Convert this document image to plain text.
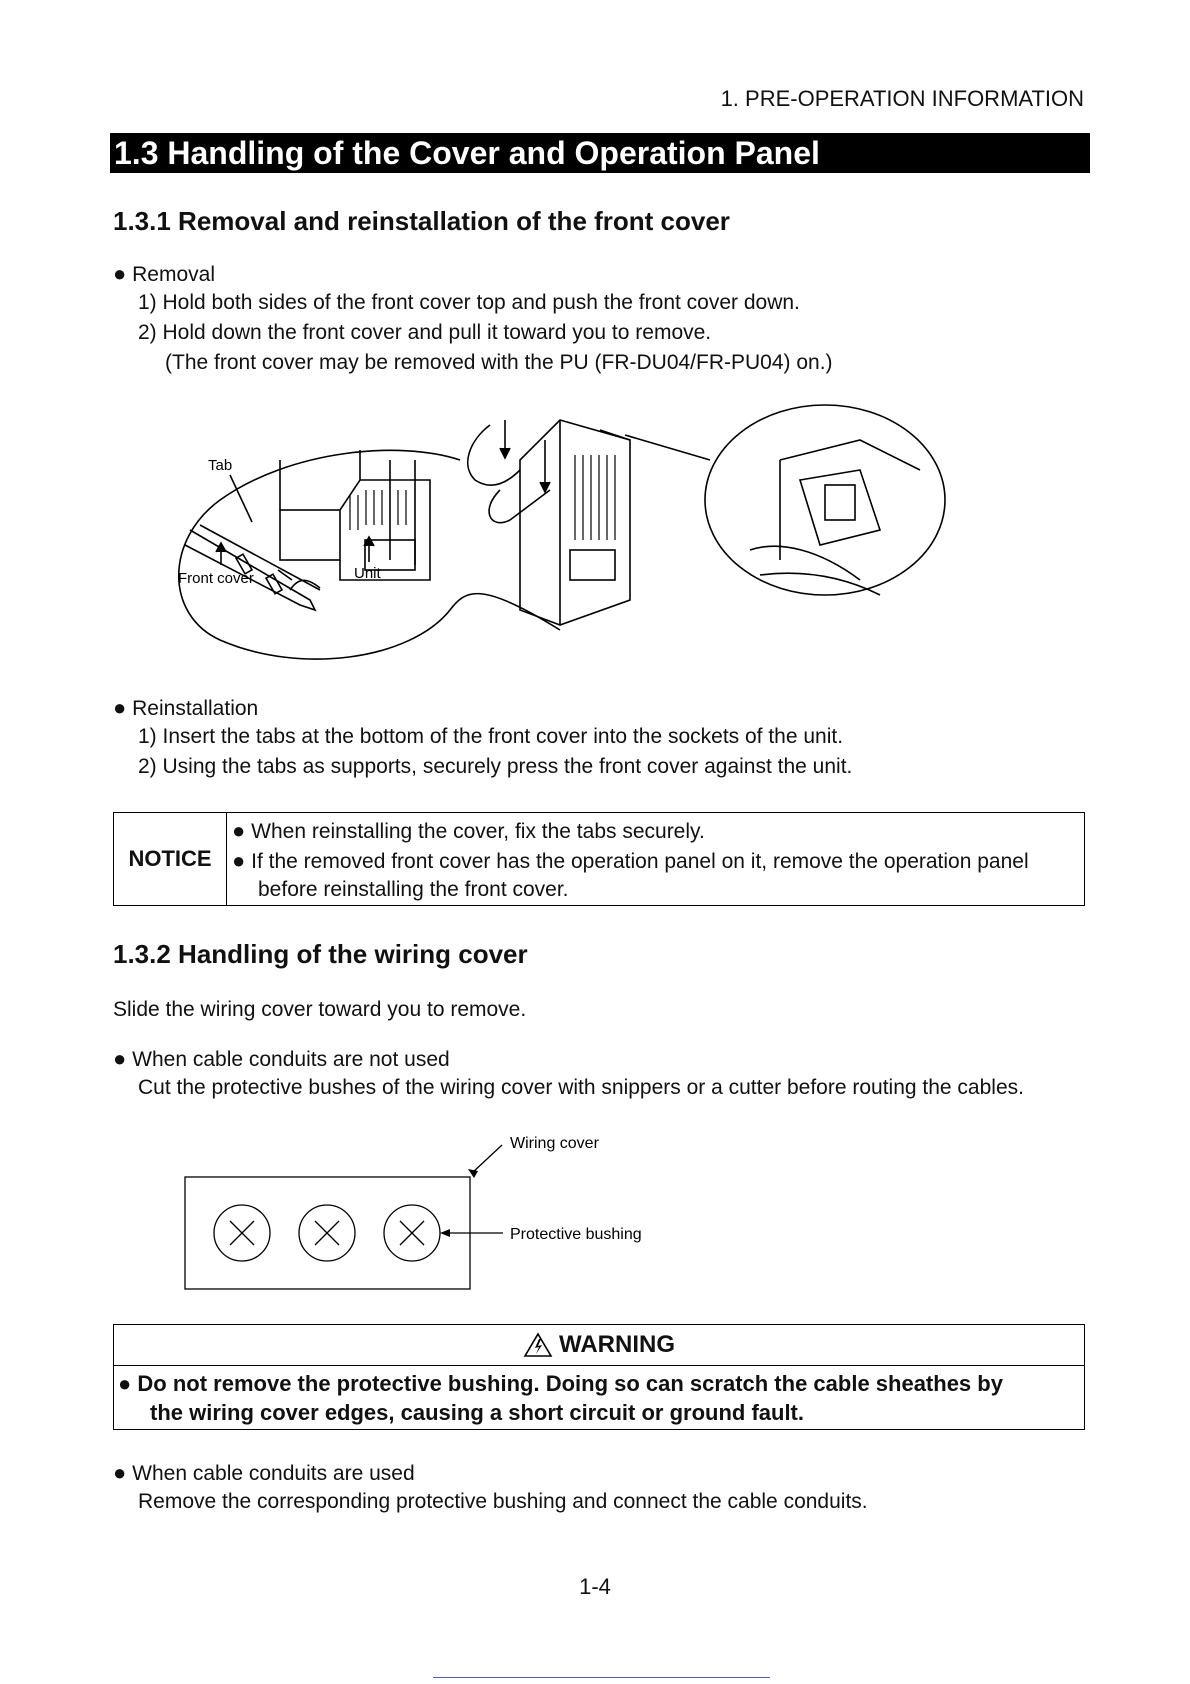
1. PRE-OPERATION INFORMATION
1.3 Handling of the Cover and Operation Panel
1.3.1 Removal and reinstallation of the front cover
● Removal
1) Hold both sides of the front cover top and push the front cover down.
2) Hold down the front cover and pull it toward you to remove.
(The front cover may be removed with the PU (FR-DU04/FR-PU04) on.)
Tab
Front cover	Unit
● Reinstallation
1) Insert the tabs at the bottom of the front cover into the sockets of the unit.
2) Using the tabs as supports, securely press the front cover against the unit.
NOTICE
● When reinstalling the cover, fix the tabs securely.
● If the removed front cover has the operation panel on it, remove the operation panel
before reinstalling the front cover.
1.3.2 Handling of the wiring cover
Slide the wiring cover toward you to remove.
● When cable conduits are not used
Cut the protective bushes of the wiring cover with snippers or a cutter before routing the cables.
Wiring cover
Protective bushing
WARNING
● Do not remove the protective bushing. Doing so can scratch the cable sheathes by
the wiring cover edges, causing a short circuit or ground fault.
● When cable conduits are used
Remove the corresponding protective bushing and connect the cable conduits.
1-4
